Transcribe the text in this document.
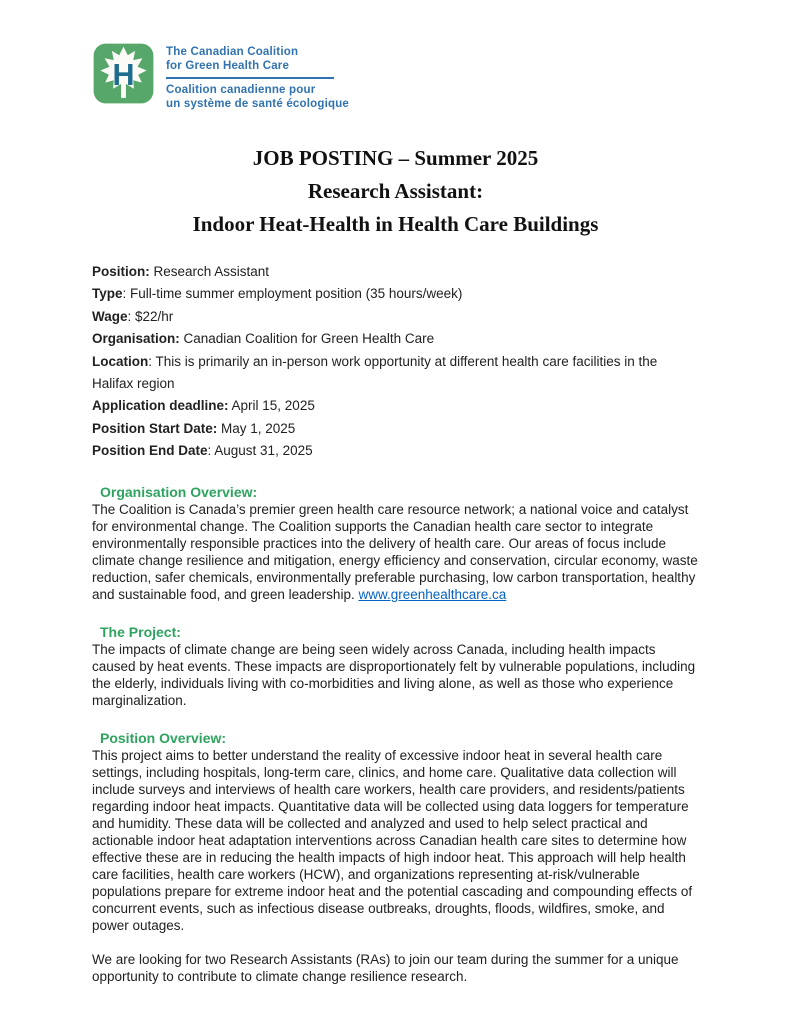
H
The Canadian Coalition
for Green Health Care
Coalition canadienne pour
un système de santé écologique
JOB POSTING – Summer 2025
Research Assistant:
Indoor Heat-Health in Health Care Buildings

Position: Research Assistant

Type: Full-time summer employment position (35 hours/week)

Wage: $22/hr

Organisation: Canadian Coalition for Green Health Care

Location: This is primarily an in-person work opportunity at different health care facilities in the Halifax region

Application deadline: April 15, 2025

Position Start Date: May 1, 2025

Position End Date: August 31, 2025

Organisation Overview:

The Coalition is Canada’s premier green health care resource network; a national voice and catalyst for environmental change. The Coalition supports the Canadian health care sector to integrate environmentally responsible practices into the delivery of health care. Our areas of focus include climate change resilience and mitigation, energy efficiency and conservation, circular economy, waste reduction, safer chemicals, environmentally preferable purchasing, low carbon transportation, healthy and sustainable food, and green leadership. www.greenhealthcare.ca

The Project:

The impacts of climate change are being seen widely across Canada, including health impacts caused by heat events. These impacts are disproportionately felt by vulnerable populations, including the elderly, individuals living with co-morbidities and living alone, as well as those who experience marginalization.

Position Overview:

This project aims to better understand the reality of excessive indoor heat in several health care settings, including hospitals, long-term care, clinics, and home care. Qualitative data collection will include surveys and interviews of health care workers, health care providers, and residents/patients regarding indoor heat impacts. Quantitative data will be collected using data loggers for temperature and humidity. These data will be collected and analyzed and used to help select practical and actionable indoor heat adaptation interventions across Canadian health care sites to determine how effective these are in reducing the health impacts of high indoor heat. This approach will help health care facilities, health care workers (HCW), and organizations representing at-risk/vulnerable populations prepare for extreme indoor heat and the potential cascading and compounding effects of concurrent events, such as infectious disease outbreaks, droughts, floods, wildfires, smoke, and power outages.

We are looking for two Research Assistants (RAs) to join our team during the summer for a unique opportunity to contribute to climate change resilience research.
